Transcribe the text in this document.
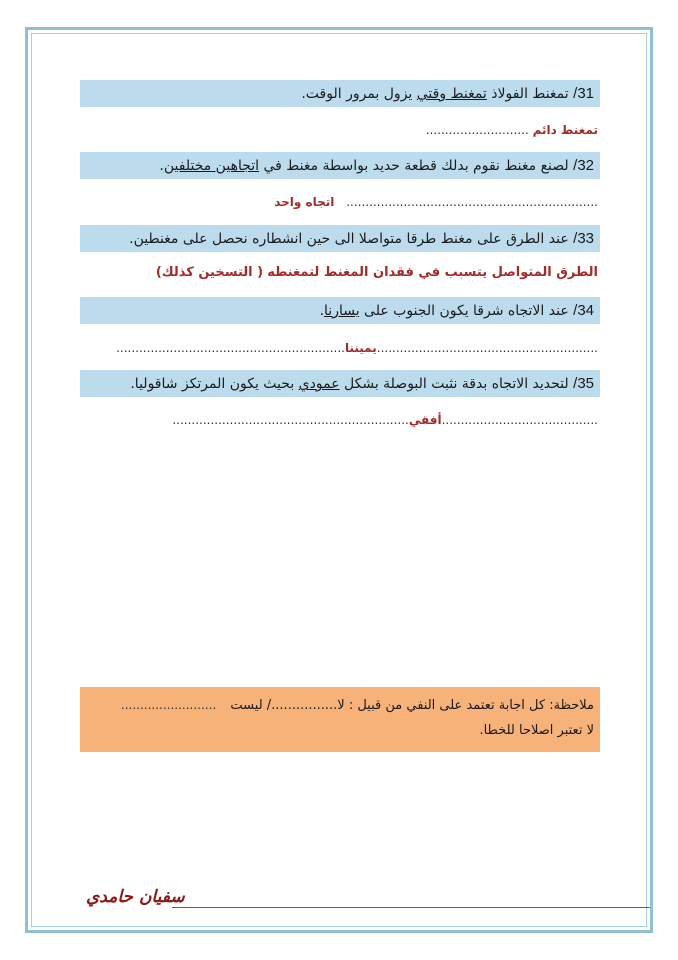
31/ تمغنط الفولاذ تمغنط وقتي يزول بمرور الوقت.
تمغنط دائم ...........................
32/ لصنع مغنط نقوم بدلك قطعة حديد بواسطة مغنط في اتجاهين مختلفين.
.................................................................. اتجاه واحد
33/ عند الطرق على مغنط طرقا متواصلا الى حين انشطاره نحصل على مغنطين.
الطرق المتواصل يتسبب في فقدان المغنط لتمغنطه ( التسخين كذلك)
34/ عند الاتجاه شرقا يكون الجنوب على يسارنا.
..........................................................يميننا............................................................
35/ لتحديد الاتجاه بدقة نثبت البوصلة بشكل عمودي بحيث يكون المرتكز شاقوليا.
.........................................أفقي..............................................................
ملاحظة: كل اجابة تعتمد على النفي من قبيل : لا................/ ليست .........................
لا تعتبر اصلاحا للخطا.
سفيان حامدي
